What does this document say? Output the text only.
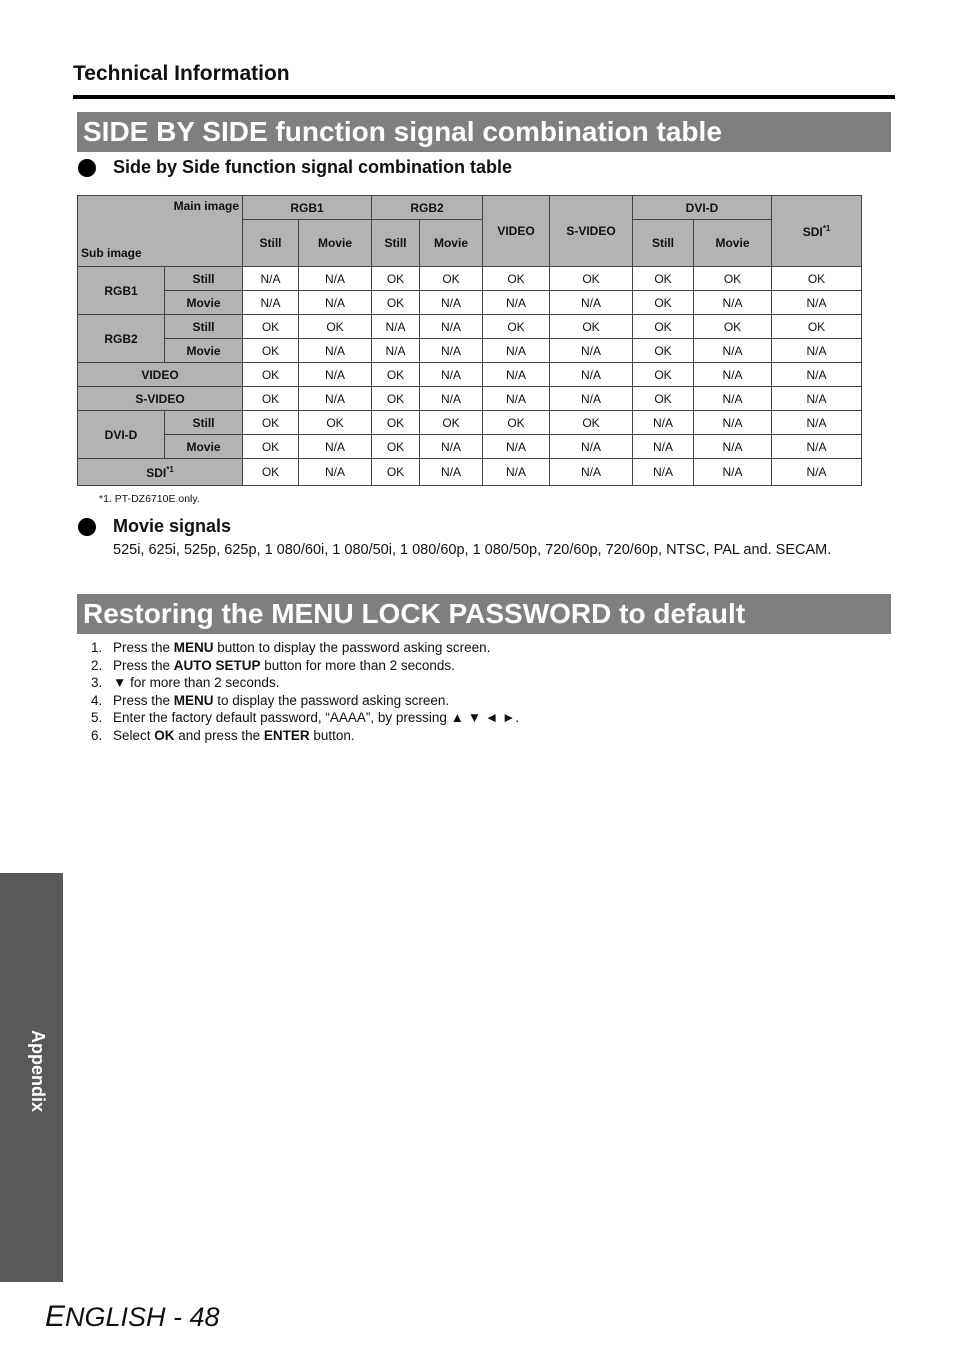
Technical Information
SIDE BY SIDE function signal combination table
Side by Side function signal combination table
Main image
Sub image		RGB1		RGB2		VIDEO	S-VIDEO	DVI-D		SDI$^{*1}$
		Still	Movie	Still	Movie			Still	Movie	
RGB1	Still	N/A	N/A	OK	OK	OK	OK	OK	OK	OK
	Movie	N/A	N/A	OK	N/A	N/A	N/A	OK	N/A	N/A
RGB2	Still	OK	OK	N/A	N/A	OK	OK	OK	OK	OK
	Movie	OK	N/A	N/A	N/A	N/A	N/A	OK	N/A	N/A
VIDEO		OK	N/A	OK	N/A	N/A	N/A	OK	N/A	N/A
S-VIDEO		OK	N/A	OK	N/A	N/A	N/A	OK	N/A	N/A
DVI-D	Still	OK	OK	OK	OK	OK	OK	N/A	N/A	N/A
	Movie	OK	N/A	OK	N/A	N/A	N/A	N/A	N/A	N/A
SDI$^{*1}$		OK	N/A	OK	N/A	N/A	N/A	N/A	N/A	N/A
*1. PT-DZ6710E only.
Movie signals
525i, 625i, 525p, 625p, 1 080/60i, 1 080/50i, 1 080/60p, 1 080/50p, 720/60p, 720/60p, NTSC, PAL and. SECAM.
Restoring the MENU LOCK PASSWORD to default
1. Press the MENU button to display the password asking screen.
2. Press the AUTO SETUP button for more than 2 seconds.
3. ▼ for more than 2 seconds.
4. Press the MENU to display the password asking screen.
5. Enter the factory default password, “AAAA”, by pressing ▲ ▼ ◄ ►.
6. Select OK and press the ENTER button.
Appendix
ENGLISH - 48
